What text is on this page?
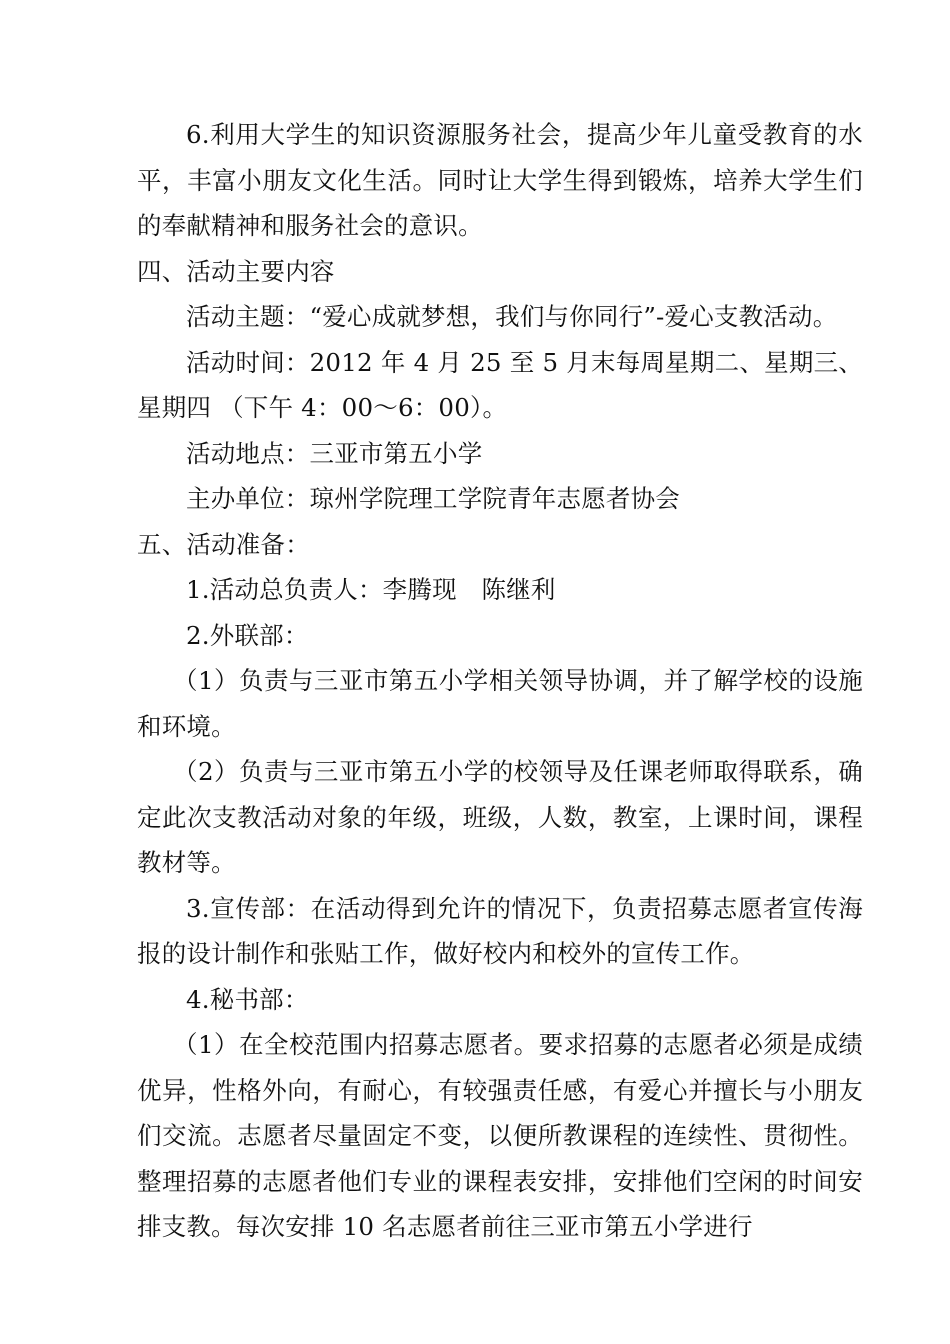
6.利用大学生的知识资源服务社会，提高少年儿童受教育的水平，丰富小朋友文化生活。同时让大学生得到锻炼，培养大学生们的奉献精神和服务社会的意识。

四、活动主要内容

活动主题：“爱心成就梦想，我们与你同行”-爱心支教活动。

活动时间：2012 年 4 月 25 至 5 月末每周星期二、星期三、星期四 （下午 4：00～6：00）。

活动地点：三亚市第五小学

主办单位：琼州学院理工学院青年志愿者协会

五、活动准备：

1.活动总负责人：李腾现　陈继利

2.外联部：

（1）负责与三亚市第五小学相关领导协调，并了解学校的设施和环境。

（2）负责与三亚市第五小学的校领导及任课老师取得联系，确定此次支教活动对象的年级，班级，人数，教室，上课时间，课程教材等。

3.宣传部：在活动得到允许的情况下，负责招募志愿者宣传海报的设计制作和张贴工作，做好校内和校外的宣传工作。

4.秘书部：

（1）在全校范围内招募志愿者。要求招募的志愿者必须是成绩优异，性格外向，有耐心，有较强责任感，有爱心并擅长与小朋友们交流。志愿者尽量固定不变，以便所教课程的连续性、贯彻性。整理招募的志愿者他们专业的课程表安排，安排他们空闲的时间安排支教。每次安排 10 名志愿者前往三亚市第五小学进行
